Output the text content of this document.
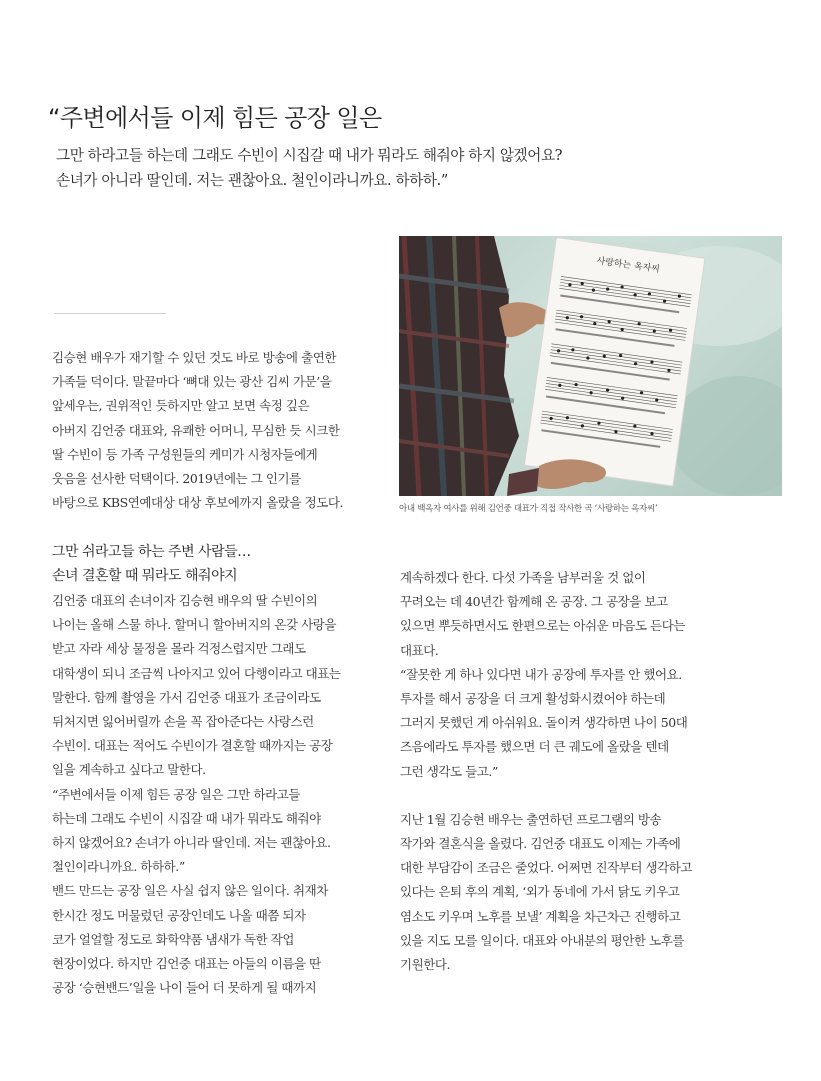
“주변에서들 이제 힘든 공장 일은
그만 하라고들 하는데 그래도 수빈이 시집갈 때 내가 뭐라도 해줘야 하지 않겠어요?
손녀가 아니라 딸인데. 저는 괜찮아요. 철인이라니까요. 하하하.”
김승현 배우가 재기할 수 있던 것도 바로 방송에 출연한
가족들 덕이다. 말끝마다 ‘뼈대 있는 광산 김씨 가문’을
앞세우는, 권위적인 듯하지만 알고 보면 속정 깊은
아버지 김언중 대표와, 유쾌한 어머니, 무심한 듯 시크한
딸 수빈이 등 가족 구성원들의 케미가 시청자들에게
웃음을 선사한 덕택이다. 2019년에는 그 인기를
바탕으로 KBS연예대상 대상 후보에까지 올랐을 정도다.
사랑하는 옥자씨
아내 백옥자 여사를 위해 김언중 대표가 직접 작사한 곡 ‘사랑하는 옥자씨’
그만 쉬라고들 하는 주변 사람들…
손녀 결혼할 때 뭐라도 해줘야지
김언중 대표의 손녀이자 김승현 배우의 딸 수빈이의
나이는 올해 스물 하나. 할머니 할아버지의 온갖 사랑을
받고 자라 세상 물정을 몰라 걱정스럽지만 그래도
대학생이 되니 조금씩 나아지고 있어 다행이라고 대표는
말한다. 함께 촬영을 가서 김언중 대표가 조금이라도
뒤처지면 잃어버릴까 손을 꼭 잡아준다는 사랑스런
수빈이. 대표는 적어도 수빈이가 결혼할 때까지는 공장
일을 계속하고 싶다고 말한다.
“주변에서들 이제 힘든 공장 일은 그만 하라고들
하는데 그래도 수빈이 시집갈 때 내가 뭐라도 해줘야
하지 않겠어요? 손녀가 아니라 딸인데. 저는 괜찮아요.
철인이라니까요. 하하하.”
밴드 만드는 공장 일은 사실 쉽지 않은 일이다. 취재차
한시간 정도 머물렀던 공장인데도 나올 때쯤 되자
코가 얼얼할 정도로 화학약품 냄새가 독한 작업
현장이었다. 하지만 김언중 대표는 아들의 이름을 딴
공장 ‘승현밴드’일을 나이 들어 더 못하게 될 때까지
계속하겠다 한다. 다섯 가족을 남부러울 것 없이
꾸려오는 데 40년간 함께해 온 공장. 그 공장을 보고
있으면 뿌듯하면서도 한편으로는 아쉬운 마음도 든다는
대표다.
“잘못한 게 하나 있다면 내가 공장에 투자를 안 했어요.
투자를 해서 공장을 더 크게 활성화시켰어야 하는데
그러지 못했던 게 아쉬워요. 돌이켜 생각하면 나이 50대
즈음에라도 투자를 했으면 더 큰 궤도에 올랐을 텐데
그런 생각도 들고.”
지난 1월 김승현 배우는 출연하던 프로그램의 방송
작가와 결혼식을 올렸다. 김언중 대표도 이제는 가족에
대한 부담감이 조금은 줄었다. 어쩌면 진작부터 생각하고
있다는 은퇴 후의 계획, ‘외가 동네에 가서 닭도 키우고
염소도 키우며 노후를 보낼’ 계획을 차근차근 진행하고
있을 지도 모를 일이다. 대표와 아내분의 평안한 노후를
기원한다.
